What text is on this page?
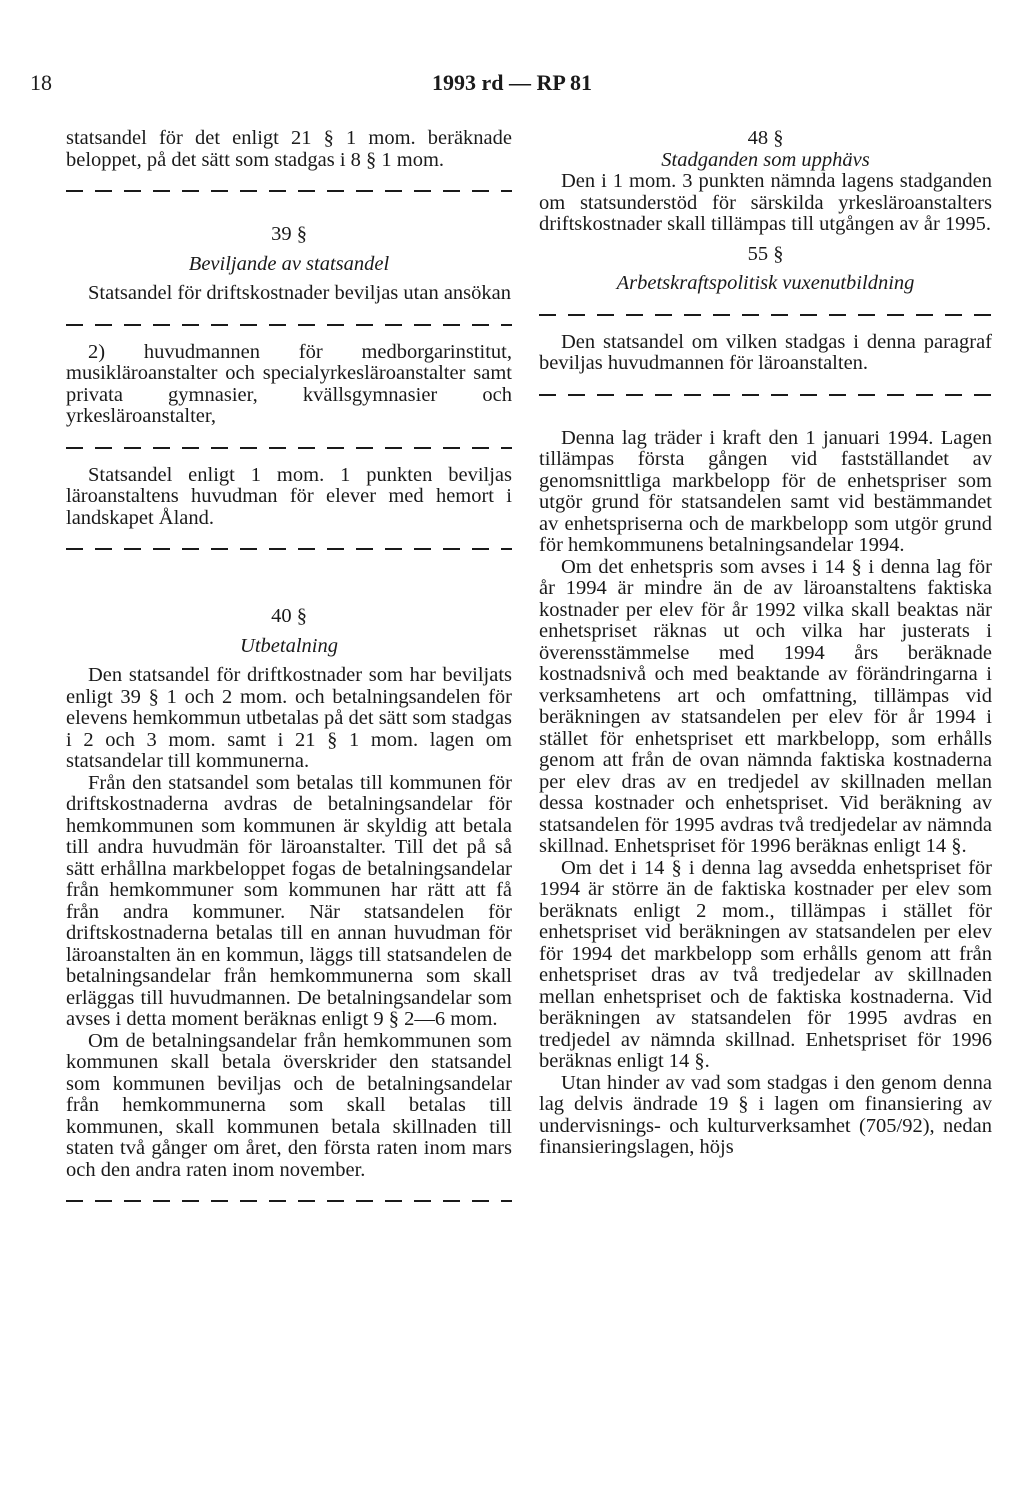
18	1993 rd — RP 81

statsandel för det enligt 21 § 1 mom. beräknade beloppet, på det sätt som stadgas i 8 § 1 mom.

39 §
Beviljande av statsandel

Statsandel för driftskostnader beviljas utan ansökan

2) huvudmannen för medborgarinstitut, musikläroanstalter och specialyrkesläroanstalter samt privata gymnasier, kvällsgymnasier och yrkesläroanstalter,

Statsandel enligt 1 mom. 1 punkten beviljas läroanstaltens huvudman för elever med hemort i landskapet Åland.

40 §
Utbetalning

Den statsandel för driftkostnader som har beviljats enligt 39 § 1 och 2 mom. och betalningsandelen för elevens hemkommun utbetalas på det sätt som stadgas i 2 och 3 mom. samt i 21 § 1 mom. lagen om statsandelar till kommunerna.

Från den statsandel som betalas till kommunen för driftskostnaderna avdras de betalningsandelar för hemkommunen som kommunen är skyldig att betala till andra huvudmän för läroanstalter. Till det på så sätt erhållna markbeloppet fogas de betalningsandelar från hemkommuner som kommunen har rätt att få från andra kommuner. När statsandelen för driftskostnaderna betalas till en annan huvudman för läroanstalten än en kommun, läggs till statsandelen de betalningsandelar från hemkommunerna som skall erläggas till huvudmannen. De betalningsandelar som avses i detta moment beräknas enligt 9 § 2—6 mom.

Om de betalningsandelar från hemkommunen som kommunen skall betala överskrider den statsandel som kommunen beviljas och de betalningsandelar från hemkommunerna som skall betalas till kommunen, skall kommunen betala skillnaden till staten två gånger om året, den första raten inom mars och den andra raten inom november.

48 §
Stadganden som upphävs

Den i 1 mom. 3 punkten nämnda lagens stadganden om statsunderstöd för särskilda yrkesläroanstalters driftskostnader skall tillämpas till utgången av år 1995.

55 §
Arbetskraftspolitisk vuxenutbildning

Den statsandel om vilken stadgas i denna paragraf beviljas huvudmannen för läroanstalten.

Denna lag träder i kraft den 1 januari 1994. Lagen tillämpas första gången vid fastställandet av genomsnittliga markbelopp för de enhetspriser som utgör grund för statsandelen samt vid bestämmandet av enhetspriserna och de markbelopp som utgör grund för hemkommunens betalningsandelar 1994.

Om det enhetspris som avses i 14 § i denna lag för år 1994 är mindre än de av läroanstaltens faktiska kostnader per elev för år 1992 vilka skall beaktas när enhetspriset räknas ut och vilka har justerats i överensstämmelse med 1994 års beräknade kostnadsnivå och med beaktande av förändringarna i verksamhetens art och omfattning, tillämpas vid beräkningen av statsandelen per elev för år 1994 i stället för enhetspriset ett markbelopp, som erhålls genom att från de ovan nämnda faktiska kostnaderna per elev dras av en tredjedel av skillnaden mellan dessa kostnader och enhetspriset. Vid beräkning av statsandelen för 1995 avdras två tredjedelar av nämnda skillnad. Enhetspriset för 1996 beräknas enligt 14 §.

Om det i 14 § i denna lag avsedda enhetspriset för 1994 är större än de faktiska kostnader per elev som beräknats enligt 2 mom., tillämpas i stället för enhetspriset vid beräkningen av statsandelen per elev för 1994 det markbelopp som erhålls genom att från enhetspriset dras av två tredjedelar av skillnaden mellan enhetspriset och de faktiska kostnaderna. Vid beräkningen av statsandelen för 1995 avdras en tredjedel av nämnda skillnad. Enhetspriset för 1996 beräknas enligt 14 §.

Utan hinder av vad som stadgas i den genom denna lag delvis ändrade 19 § i lagen om finansiering av undervisnings- och kulturverksamhet (705/92), nedan finansieringslagen, höjs
